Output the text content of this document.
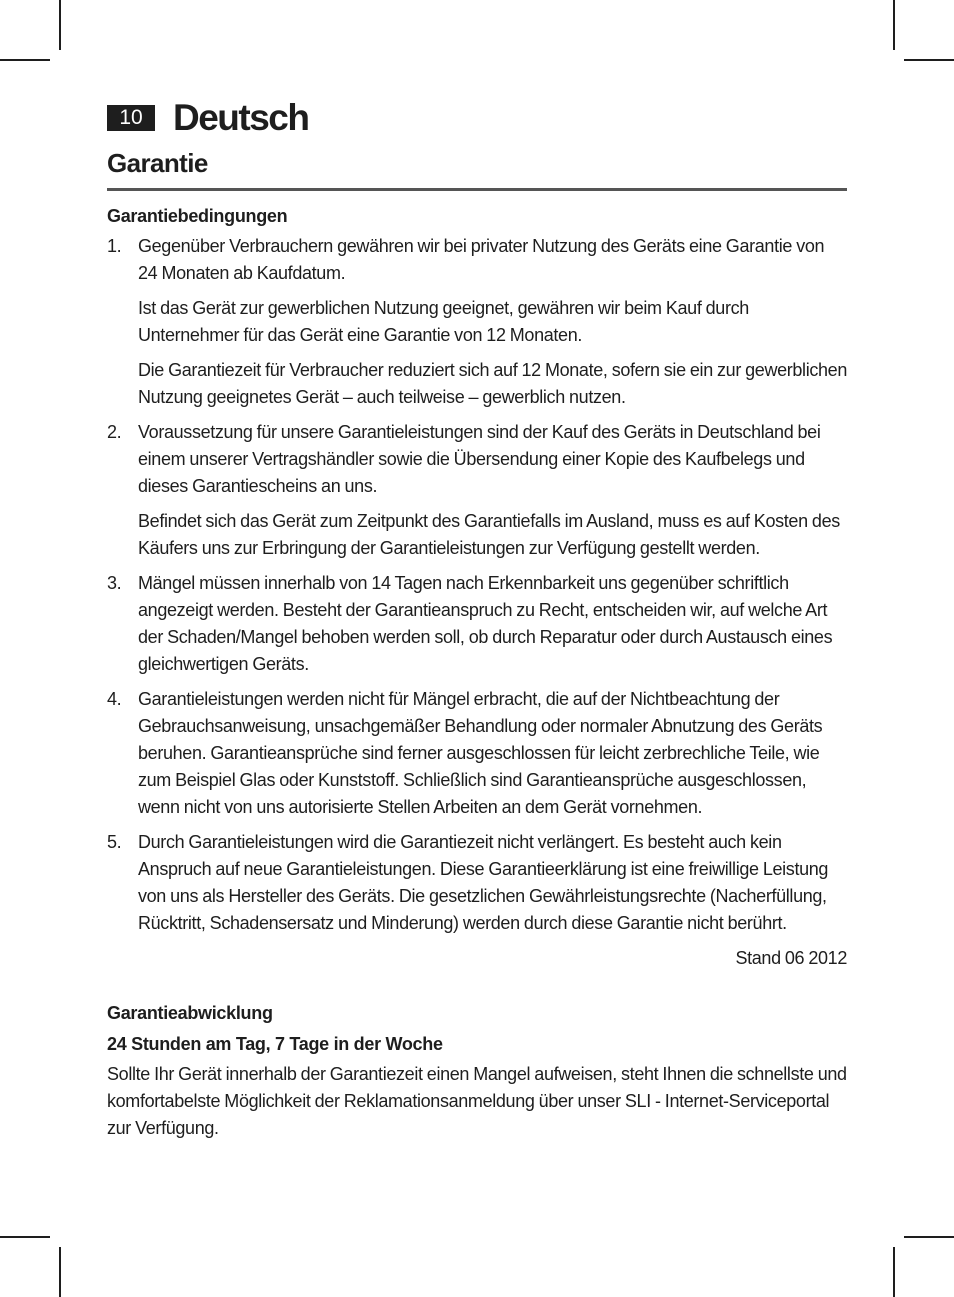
10 Deutsch
Garantie
Garantiebedingungen
1. Gegenüber Verbrauchern gewähren wir bei privater Nutzung des Geräts eine Garantie von 24 Monaten ab Kaufdatum.

Ist das Gerät zur gewerblichen Nutzung geeignet, gewähren wir beim Kauf durch Unternehmer für das Gerät eine Garantie von 12 Monaten.

Die Garantiezeit für Verbraucher reduziert sich auf 12 Monate, sofern sie ein zur gewerblichen Nutzung geeignetes Gerät – auch teilweise – gewerblich nutzen.

2. Voraussetzung für unsere Garantieleistungen sind der Kauf des Geräts in Deutschland bei einem unserer Vertragshändler sowie die Übersendung einer Kopie des Kaufbelegs und dieses Garantiescheins an uns.

Befindet sich das Gerät zum Zeitpunkt des Garantiefalls im Ausland, muss es auf Kosten des Käufers uns zur Erbringung der Garantieleistungen zur Verfügung gestellt werden.

3. Mängel müssen innerhalb von 14 Tagen nach Erkennbarkeit uns gegenüber schriftlich angezeigt werden. Besteht der Garantieanspruch zu Recht, entscheiden wir, auf welche Art der Schaden/Mangel behoben werden soll, ob durch Reparatur oder durch Austausch eines gleichwertigen Geräts.

4. Garantieleistungen werden nicht für Mängel erbracht, die auf der Nichtbeachtung der Gebrauchsanweisung, unsachgemäßer Behandlung oder normaler Abnutzung des Geräts beruhen. Garantieansprüche sind ferner ausgeschlossen für leicht zerbrechliche Teile, wie zum Beispiel Glas oder Kunststoff. Schließlich sind Garantieansprüche ausgeschlossen, wenn nicht von uns autorisierte Stellen Arbeiten an dem Gerät vornehmen.

5. Durch Garantieleistungen wird die Garantiezeit nicht verlängert. Es besteht auch kein Anspruch auf neue Garantieleistungen. Diese Garantieerklärung ist eine freiwillige Leistung von uns als Hersteller des Geräts. Die gesetzlichen Gewährleistungsrechte (Nacherfüllung, Rücktritt, Schadensersatz und Minderung) werden durch diese Garantie nicht berührt.

Stand 06 2012
Garantieabwicklung
24 Stunden am Tag, 7 Tage in der Woche

Sollte Ihr Gerät innerhalb der Garantiezeit einen Mangel aufweisen, steht Ihnen die schnellste und komfortabelste Möglichkeit der Reklamationsanmeldung über unser SLI - Internet-Serviceportal zur Verfügung.
